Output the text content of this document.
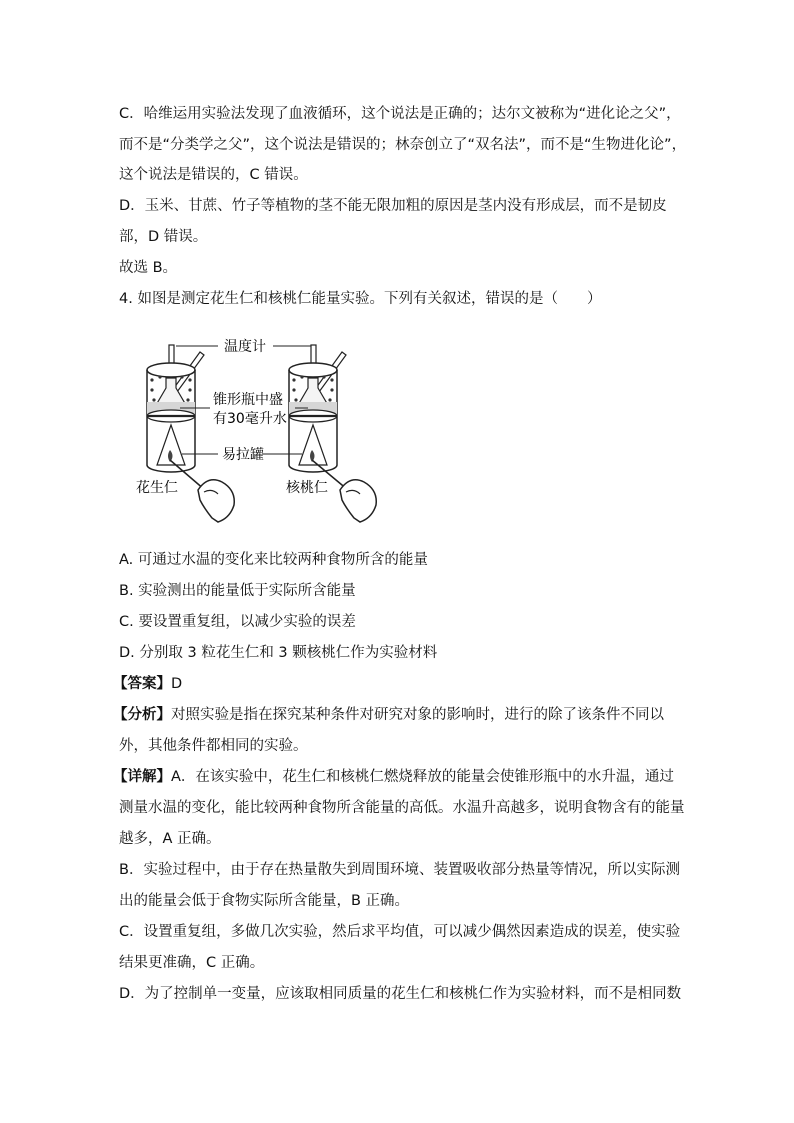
C．哈维运用实验法发现了血液循环，这个说法是正确的；达尔文被称为“进化论之父”，
而不是“分类学之父”，这个说法是错误的；林奈创立了“双名法”，而不是“生物进化论”，
这个说法是错误的，C 错误。
D．玉米、甘蔗、竹子等植物的茎不能无限加粗的原因是茎内没有形成层，而不是韧皮
部，D 错误。
故选 B。
4. 如图是测定花生仁和核桃仁能量实验。下列有关叙述，错误的是（　　）
温度计
锥形瓶中盛
有30毫升水
易拉罐
花生仁	核桃仁
A. 可通过水温的变化来比较两种食物所含的能量
B. 实验测出的能量低于实际所含能量
C. 要设置重复组，以减少实验的误差
D. 分别取 3 粒花生仁和 3 颗核桃仁作为实验材料
【答案】D
【分析】对照实验是指在探究某种条件对研究对象的影响时，进行的除了该条件不同以
外，其他条件都相同的实验。
【详解】A．在该实验中，花生仁和核桃仁燃烧释放的能量会使锥形瓶中的水升温，通过
测量水温的变化，能比较两种食物所含能量的高低。水温升高越多，说明食物含有的能量
越多，A 正确。
B．实验过程中，由于存在热量散失到周围环境、装置吸收部分热量等情况，所以实际测
出的能量会低于食物实际所含能量，B 正确。
C．设置重复组，多做几次实验，然后求平均值，可以减少偶然因素造成的误差，使实验
结果更准确，C 正确。
D．为了控制单一变量，应该取相同质量的花生仁和核桃仁作为实验材料，而不是相同数
